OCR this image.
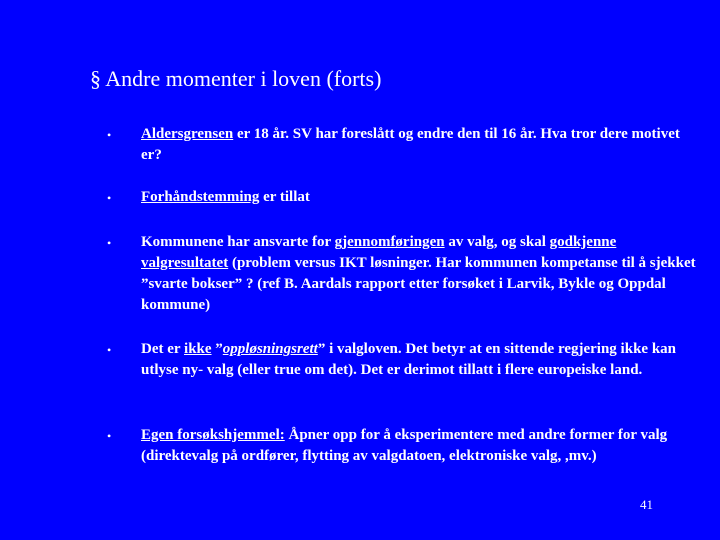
§ Andre momenter i loven (forts)
• Aldersgrensen er 18 år. SV har foreslått og endre den til 16 år. Hva tror dere motivet er?
• Forhåndstemming er tillat
• Kommunene har ansvarte for gjennomføringen av valg, og skal godkjenne valgresultatet (problem versus IKT løsninger. Har kommunen kompetanse til å sjekket ”svarte bokser” ? (ref B. Aardals rapport etter forsøket i Larvik, Bykle og Oppdal kommune)
• Det er ikke ”oppløsningsrett” i valgloven. Det betyr at en sittende regjering ikke kan utlyse ny- valg (eller true om det). Det er derimot tillatt i flere europeiske land.
• Egen forsøkshjemmel: Åpner opp for å eksperimentere med andre former for valg (direktevalg på ordfører, flytting av valgdatoen, elektroniske valg, ,mv.)
41
